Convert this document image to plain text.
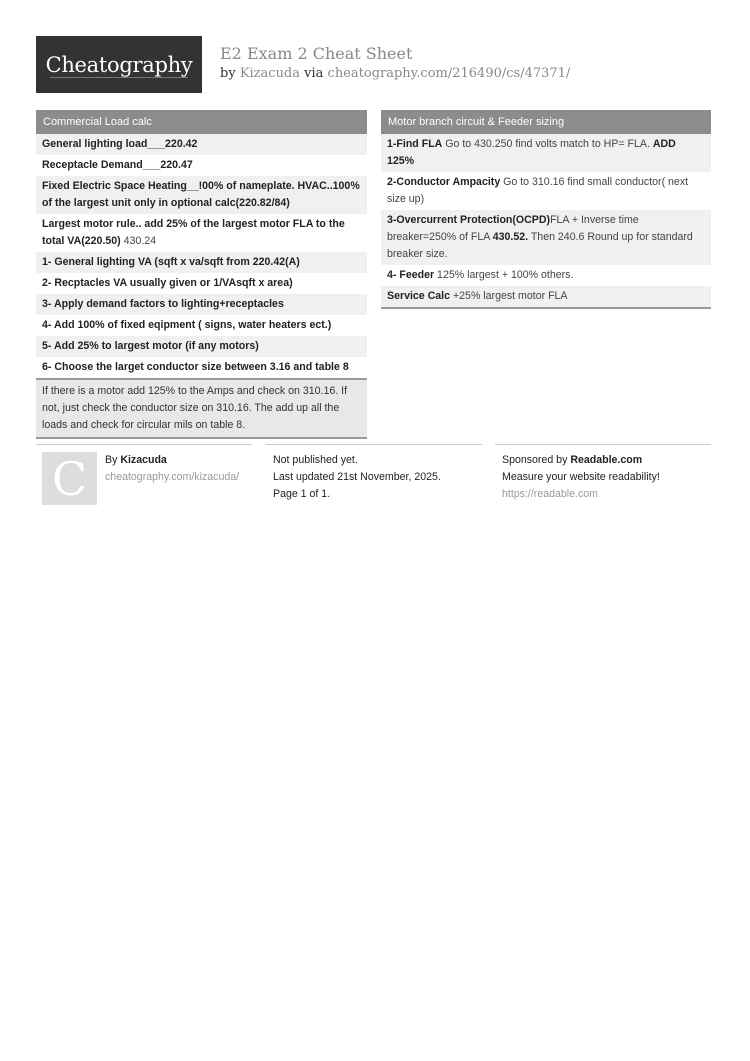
Cheatography E2 Exam 2 Cheat Sheet
by Kizacuda via cheatography.com/216490/cs/47371/
Commercial Load calc
General lighting load___220.42
Receptacle Demand___220.47
Fixed Electric Space Heating__!00% of nameplate. HVAC..100% of the largest unit only in optional calc(220.82/84)
Largest motor rule.. add 25% of the largest motor FLA to the total VA(220.50) 430.24
1- General lighting VA (sqft x va/sqft from 220.42(A)
2- Recptacles VA usually given or 1/VAsqft x area)
3- Apply demand factors to lighting+receptacles
4- Add 100% of fixed eqipment ( signs, water heaters ect.)
5- Add 25% to largest motor (if any motors)
6- Choose the larget conductor size between 3.16 and table 8
If there is a motor add 125% to the Amps and check on 310.16. If not, just check the conductor size on 310.16. The add up all the loads and check for circular mils on table 8.
Motor branch circuit & Feeder sizing
1-Find FLA Go to 430.250 find volts match to HP= FLA. ADD 125%
2-Conductor Ampacity Go to 310.16 find small conductor( next size up)
3-Overcurrent Protection(OCPD)FLA + Inverse time breaker=250% of FLA 430.52. Then 240.6 Round up for standard breaker size.
4- Feeder 125% largest + 100% others.
Service Calc +25% largest motor FLA
C By Kizacuda
cheatography.com/kizacuda/
Not published yet.
Last updated 21st November, 2025.
Page 1 of 1.
Sponsored by Readable.com
Measure your website readability!
https://readable.com
